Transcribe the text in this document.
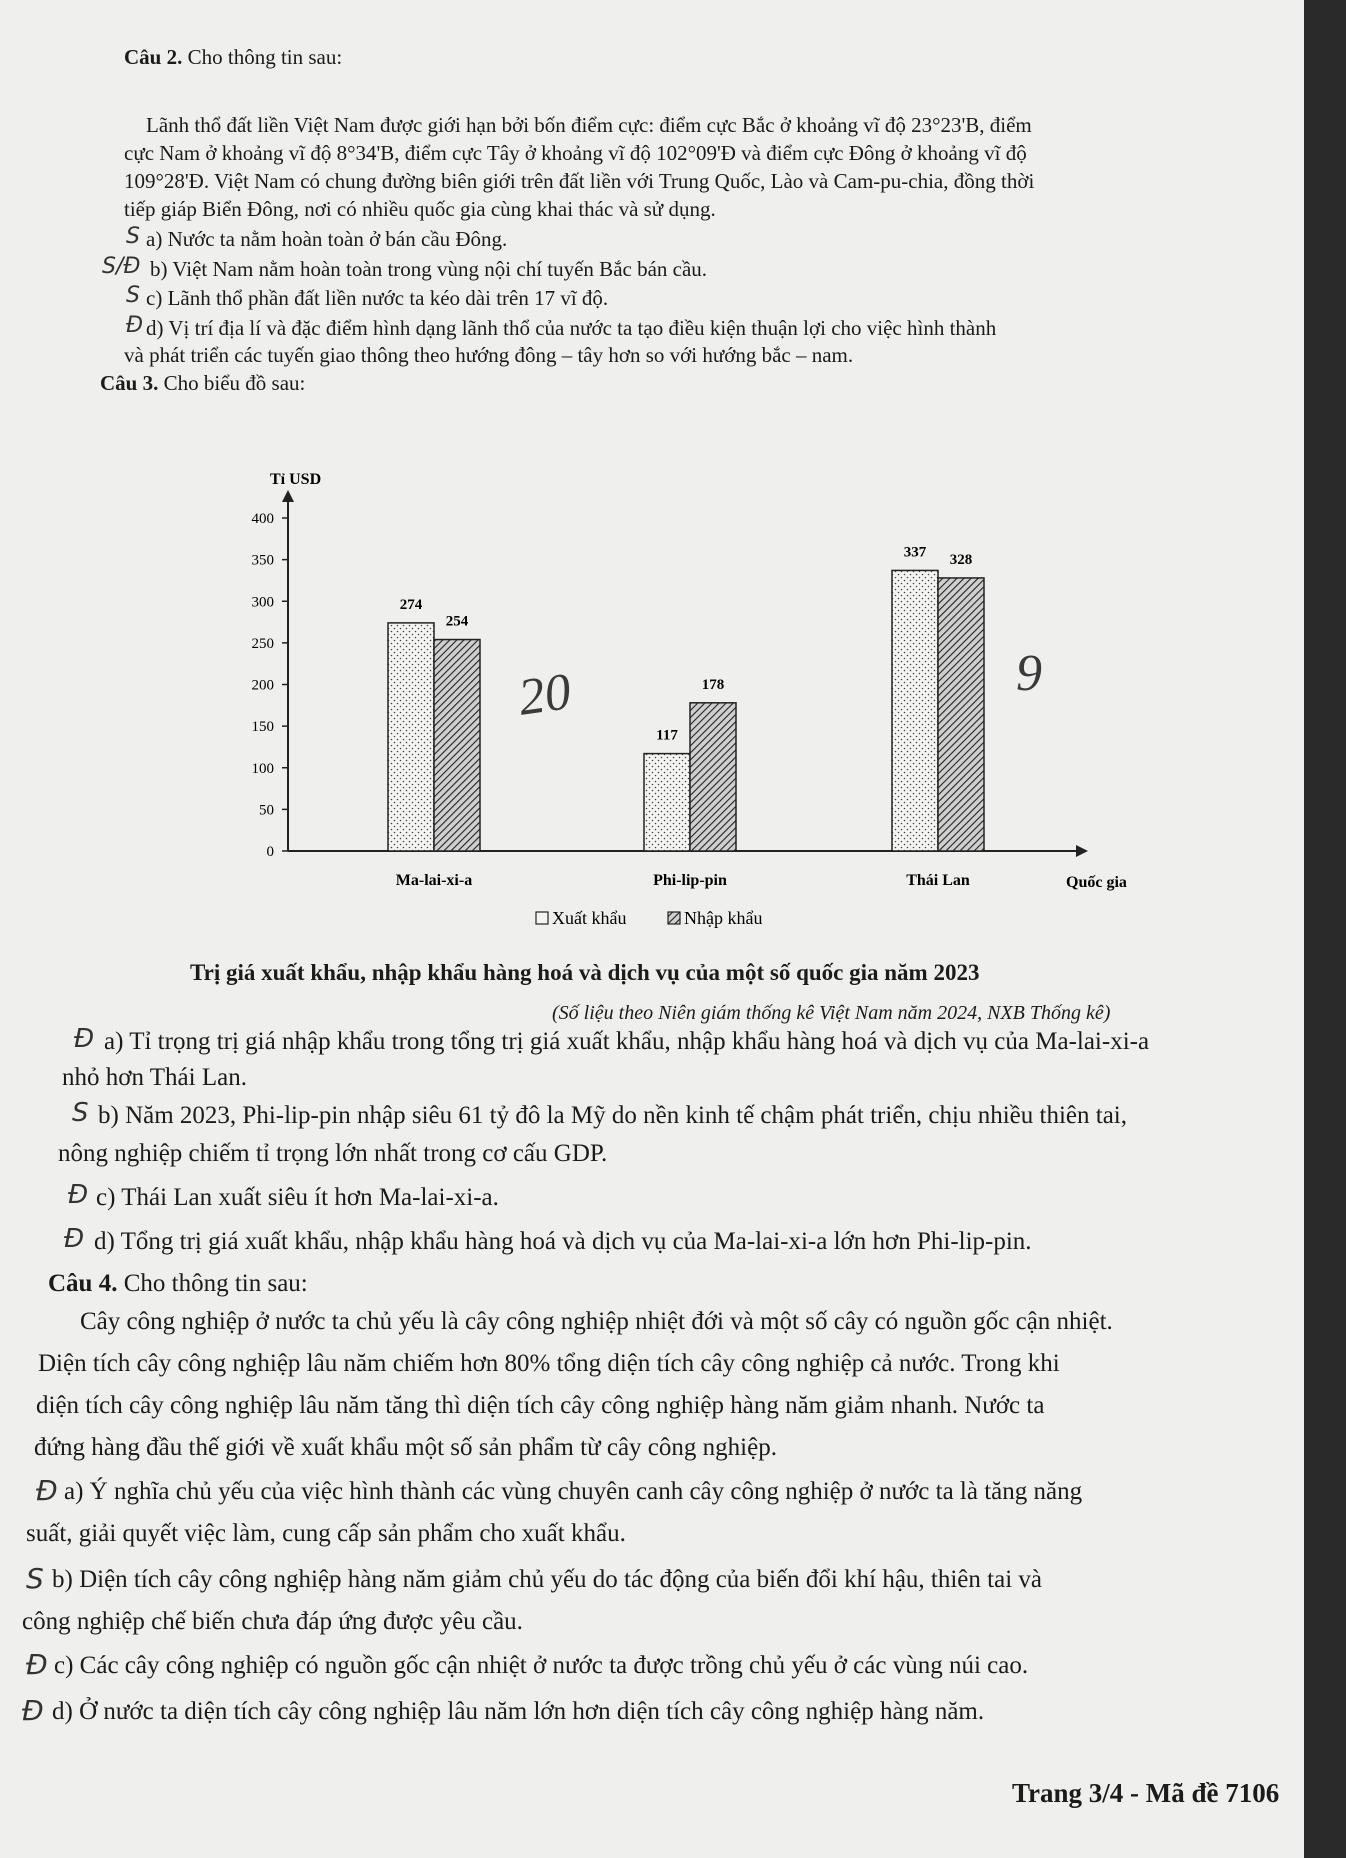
Câu 2. Cho thông tin sau:
Lãnh thổ đất liền Việt Nam được giới hạn bởi bốn điểm cực: điểm cực Bắc ở khoảng vĩ độ 23°23'B, điểm
cực Nam ở khoảng vĩ độ 8°34'B, điểm cực Tây ở khoảng vĩ độ 102°09'Đ và điểm cực Đông ở khoảng vĩ độ
109°28'Đ. Việt Nam có chung đường biên giới trên đất liền với Trung Quốc, Lào và Cam-pu-chia, đồng thời
tiếp giáp Biển Đông, nơi có nhiều quốc gia cùng khai thác và sử dụng.
S a) Nước ta nằm hoàn toàn ở bán cầu Đông.
S/Đ b) Việt Nam nằm hoàn toàn trong vùng nội chí tuyến Bắc bán cầu.
S c) Lãnh thổ phần đất liền nước ta kéo dài trên 17 vĩ độ.
Đ d) Vị trí địa lí và đặc điểm hình dạng lãnh thổ của nước ta tạo điều kiện thuận lợi cho việc hình thành
và phát triển các tuyến giao thông theo hướng đông – tây hơn so với hướng bắc – nam.
Câu 3. Cho biểu đồ sau:
Tỉ USD
Quốc gia
0
50
100
150
200
250
300
350
400
274
254
Ma-lai-xi-a
117
178
Phi-lip-pin
337 328
Thái Lan
Xuất khẩu	Nhập khẩu
20	9
Trị giá xuất khẩu, nhập khẩu hàng hoá và dịch vụ của một số quốc gia năm 2023
(Số liệu theo Niên giám thống kê Việt Nam năm 2024, NXB Thống kê)
Đ a) Tỉ trọng trị giá nhập khẩu trong tổng trị giá xuất khẩu, nhập khẩu hàng hoá và dịch vụ của Ma-lai-xi-a
nhỏ hơn Thái Lan.
S b) Năm 2023, Phi-lip-pin nhập siêu 61 tỷ đô la Mỹ do nền kinh tế chậm phát triển, chịu nhiều thiên tai,
nông nghiệp chiếm tỉ trọng lớn nhất trong cơ cấu GDP.
Đ c) Thái Lan xuất siêu ít hơn Ma-lai-xi-a.
Đ d) Tổng trị giá xuất khẩu, nhập khẩu hàng hoá và dịch vụ của Ma-lai-xi-a lớn hơn Phi-lip-pin.
Câu 4. Cho thông tin sau:
Cây công nghiệp ở nước ta chủ yếu là cây công nghiệp nhiệt đới và một số cây có nguồn gốc cận nhiệt.
Diện tích cây công nghiệp lâu năm chiếm hơn 80% tổng diện tích cây công nghiệp cả nước. Trong khi
diện tích cây công nghiệp lâu năm tăng thì diện tích cây công nghiệp hàng năm giảm nhanh. Nước ta
đứng hàng đầu thế giới về xuất khẩu một số sản phẩm từ cây công nghiệp.
Đ a) Ý nghĩa chủ yếu của việc hình thành các vùng chuyên canh cây công nghiệp ở nước ta là tăng năng
suất, giải quyết việc làm, cung cấp sản phẩm cho xuất khẩu.
S b) Diện tích cây công nghiệp hàng năm giảm chủ yếu do tác động của biến đổi khí hậu, thiên tai và
công nghiệp chế biến chưa đáp ứng được yêu cầu.
Đ c) Các cây công nghiệp có nguồn gốc cận nhiệt ở nước ta được trồng chủ yếu ở các vùng núi cao.
Đ d) Ở nước ta diện tích cây công nghiệp lâu năm lớn hơn diện tích cây công nghiệp hàng năm.
Trang 3/4 - Mã đề 7106
